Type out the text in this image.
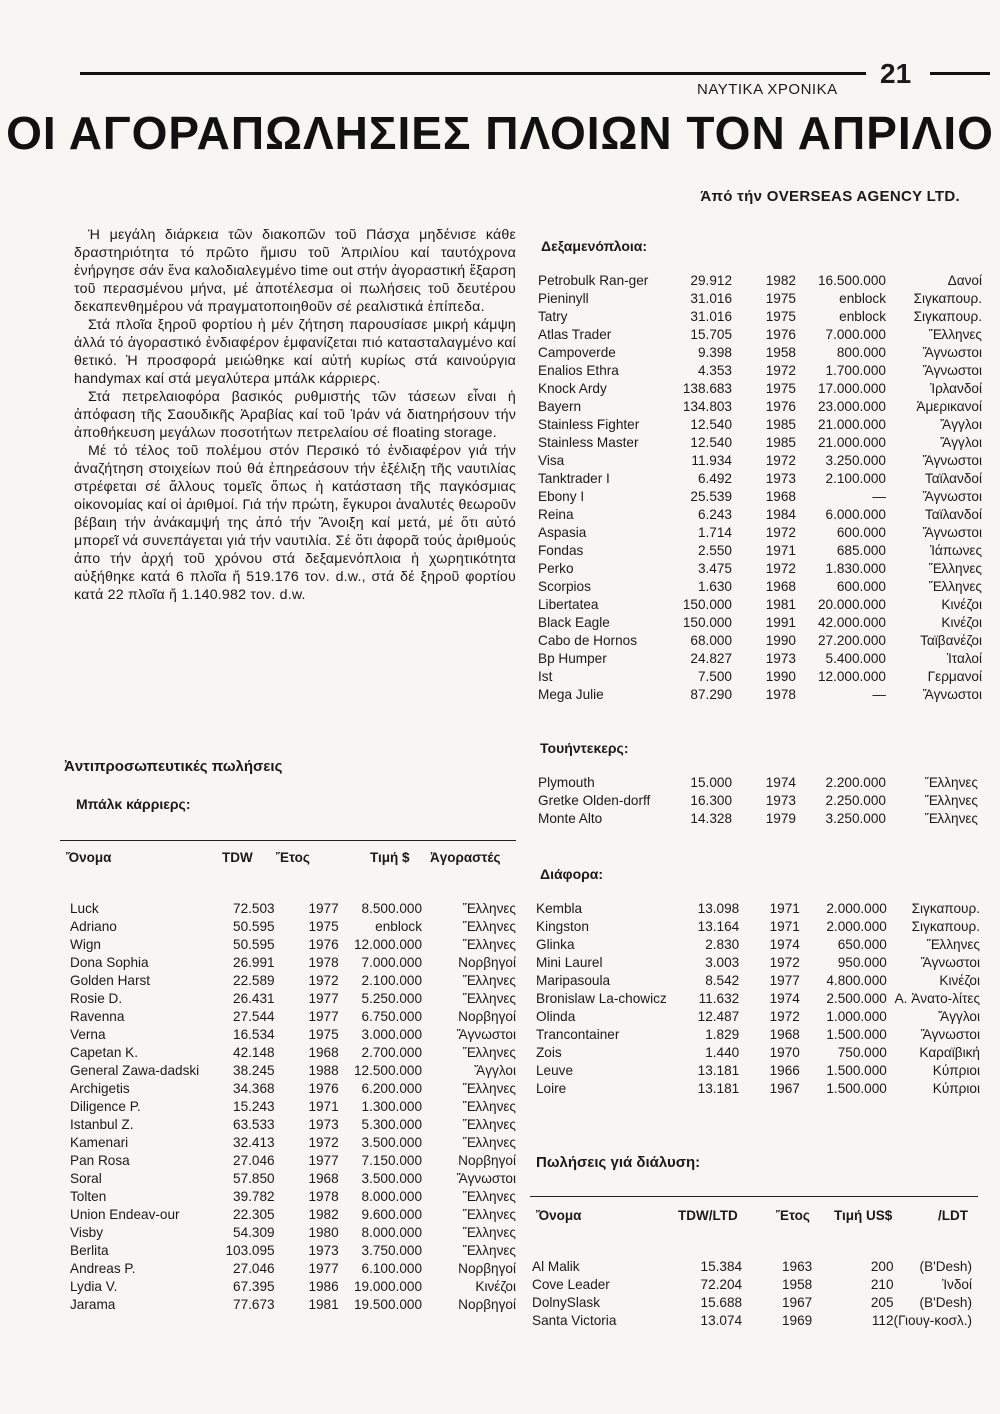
ΝΑΥΤΙΚΑ ΧΡΟΝΙΚΑ
21
ΟΙ ΑΓΟΡΑΠΩΛΗΣΙΕΣ ΠΛΟΙΩΝ ΤΟΝ ΑΠΡΙΛΙΟ
Άπό τήν OVERSEAS AGENCY LTD.

Ή μεγάλη διάρκεια τῶν διακοπῶν τοῦ Πάσχα μηδένισε κάθε δραστηριότητα τό πρῶτο ἥμισυ τοῦ Ἀπριλίου καί ταυτόχρονα ἐνήργησε σάν ἕνα καλοδιαλεγμένο time out στήν ἀγοραστική ἔξαρση τοῦ περασμένου μήνα, μέ ἀποτέλεσμα οἱ πωλήσεις τοῦ δευτέρου δεκαπενθημέρου νά πραγματοποιηθοῦν σέ ρεαλιστικά ἐπίπεδα.

Στά πλοῖα ξηροῦ φορτίου ἡ μέν ζήτηση παρουσίασε μικρή κάμψη ἀλλά τό ἀγοραστικό ἐνδιαφέρον ἐμφανίζεται πιό κατασταλαγμένο καί θετικό. Ἡ προσφορά μειώθηκε καί αὐτή κυρίως στά καινούργια handymax καί στά μεγαλύτερα μπάλκ κάρριερς.

Στά πετρελαιοφόρα βασικός ρυθμιστής τῶν τάσεων εἶναι ἡ ἀπόφαση τῆς Σαουδικῆς Ἀραβίας καί τοῦ Ἰράν νά διατηρήσουν τήν ἀποθήκευση μεγάλων ποσοτήτων πετρελαίου σέ floating storage.

Μέ τό τέλος τοῦ πολέμου στόν Περσικό τό ἐνδιαφέρον γιά τήν ἀναζήτηση στοιχείων πού θά ἐπηρεάσουν τήν ἐξέλιξη τῆς ναυτιλίας στρέφεται σέ ἄλλους τομεῖς ὅπως ἡ κατάσταση τῆς παγκόσμιας οἰκονομίας καί οἱ ἀριθμοί. Γιά τήν πρώτη, ἔγκυροι ἀναλυτές θεωροῦν βέβαιη τήν ἀνάκαμψή της ἀπό τήν Ἄνοιξη καί μετά, μέ ὅτι αὐτό μπορεῖ νά συνεπάγεται γιά τήν ναυτιλία. Σέ ὅτι ἀφορᾶ τούς ἀριθμούς ἀπο τήν ἀρχή τοῦ χρόνου στά δεξαμενόπλοια ἡ χωρητικότητα αὐξήθηκε κατά 6 πλοῖα ἤ 519.176 τον. d.w., στά δέ ξηροῦ φορτίου κατά 22 πλοῖα ἤ 1.140.982 τον. d.w.

Ἀντιπροσωπευτικές πωλήσεις
Μπάλκ κάρριερς:
Ὄνομα	TDW Ἔτος	Τιμή $ Ἀγοραστές
Luck	72.503	1977	8.500.000	Ἕλληνες
Adriano	50.595	1975	enblock	Ἕλληνες
Wign	50.595	1976	12.000.000	Ἕλληνες
Dona Sophia	26.991	1978	7.000.000	Νορβηγοί
Golden Harst	22.589	1972	2.100.000	Ἕλληνες
Rosie D.	26.431	1977	5.250.000	Ἕλληνες
Ravenna	27.544	1977	6.750.000	Νορβηγοί
Verna	16.534	1975	3.000.000	Ἄγνωστοι
Capetan K.	42.148	1968	2.700.000	Ἕλληνες
General Zawa-dadski	38.245	1988	12.500.000	Ἄγγλοι
Archigetis	34.368	1976	6.200.000	Ἕλληνες
Diligence P.	15.243	1971	1.300.000	Ἕλληνες
Istanbul Z.	63.533	1973	5.300.000	Ἕλληνες
Kamenari	32.413	1972	3.500.000	Ἕλληνες
Pan Rosa	27.046	1977	7.150.000	Νορβηγοί
Soral	57.850	1968	3.500.000	Ἄγνωστοι
Tolten	39.782	1978	8.000.000	Ἕλληνες
Union Endeav-our	22.305	1982	9.600.000	Ἕλληνες
Visby	54.309	1980	8.000.000	Ἕλληνες
Berlita	103.095	1973	3.750.000	Ἕλληνες
Andreas P.	27.046	1977	6.100.000	Νορβηγοί
Lydia V.	67.395	1986	19.000.000	Κινέζοι
Jarama	77.673	1981	19.500.000	Νορβηγοί
Δεξαμενόπλοια:
Petrobulk Ran-ger	29.912	1982	16.500.000	Δανοί
Pieninyll	31.016	1975	enblock	Σιγκαπουρ.
Tatry	31.016	1975	enblock	Σιγκαπουρ.
Atlas Trader	15.705	1976	7.000.000	Ἕλληνες
Campoverde	9.398	1958	800.000	Ἄγνωστοι
Enalios Ethra	4.353	1972	1.700.000	Ἄγνωστοι
Knock Ardy	138.683	1975	17.000.000	Ἰρλανδοί
Bayern	134.803	1976	23.000.000	Ἀμερικανοί
Stainless Fighter	12.540	1985	21.000.000	Ἄγγλοι
Stainless Master	12.540	1985	21.000.000	Ἄγγλοι
Visa	11.934	1972	3.250.000	Ἄγνωστοι
Tanktrader I	6.492	1973	2.100.000	Ταϊλανδοί
Ebony I	25.539	1968	—	Ἄγνωστοι
Reina	6.243	1984	6.000.000	Ταϊλανδοί
Aspasia	1.714	1972	600.000	Ἄγνωστοι
Fondas	2.550	1971	685.000	Ἰάπωνες
Perko	3.475	1972	1.830.000	Ἕλληνες
Scorpios	1.630	1968	600.000	Ἕλληνες
Libertatea	150.000	1981	20.000.000	Κινέζοι
Black Eagle	150.000	1991	42.000.000	Κινέζοι
Cabo de Hornos	68.000	1990	27.200.000	Ταϊβανέζοι
Bp Humper	24.827	1973	5.400.000	Ἰταλοί
Ist	7.500	1990	12.000.000	Γερμανοί
Mega Julie	87.290	1978	—	Ἄγνωστοι
Τουήντεκερς:
Plymouth	15.000	1974	2.200.000	Ἕλληνες
Gretke Olden-dorff	16.300	1973	2.250.000	Ἕλληνες
Monte Alto	14.328	1979	3.250.000	Ἕλληνες
Διάφορα:
Kembla	13.098	1971	2.000.000	Σιγκαπουρ.
Kingston	13.164	1971	2.000.000	Σιγκαπουρ.
Glinka	2.830	1974	650.000	Ἕλληνες
Mini Laurel	3.003	1972	950.000	Ἄγνωστοι
Maripasoula	8.542	1977	4.800.000	Κινέζοι
Bronislaw La-chowicz	11.632	1974	2.500.000	Α. Ἀνατο-λίτες
Olinda	12.487	1972	1.000.000	Ἄγγλοι
Trancontainer	1.829	1968	1.500.000	Ἄγνωστοι
Zois	1.440	1970	750.000	Καραϊβική
Leuve	13.181	1966	1.500.000	Κύπριοι
Loire	13.181	1967	1.500.000	Κύπριοι
Πωλήσεις γιά διάλυση:
Ὄνομα	TDW/LTD	Ἔτος Τιμή US$	/LDT
Al Malik	15.384	1963	200	(Β'Desh)
Cove Leader	72.204	1958	210	Ἰνδοί
DolnySlask	15.688	1967	205	(Β'Desh)
Santa Victoria	13.074	1969	112	(Γιουγ-κοσλ.)
